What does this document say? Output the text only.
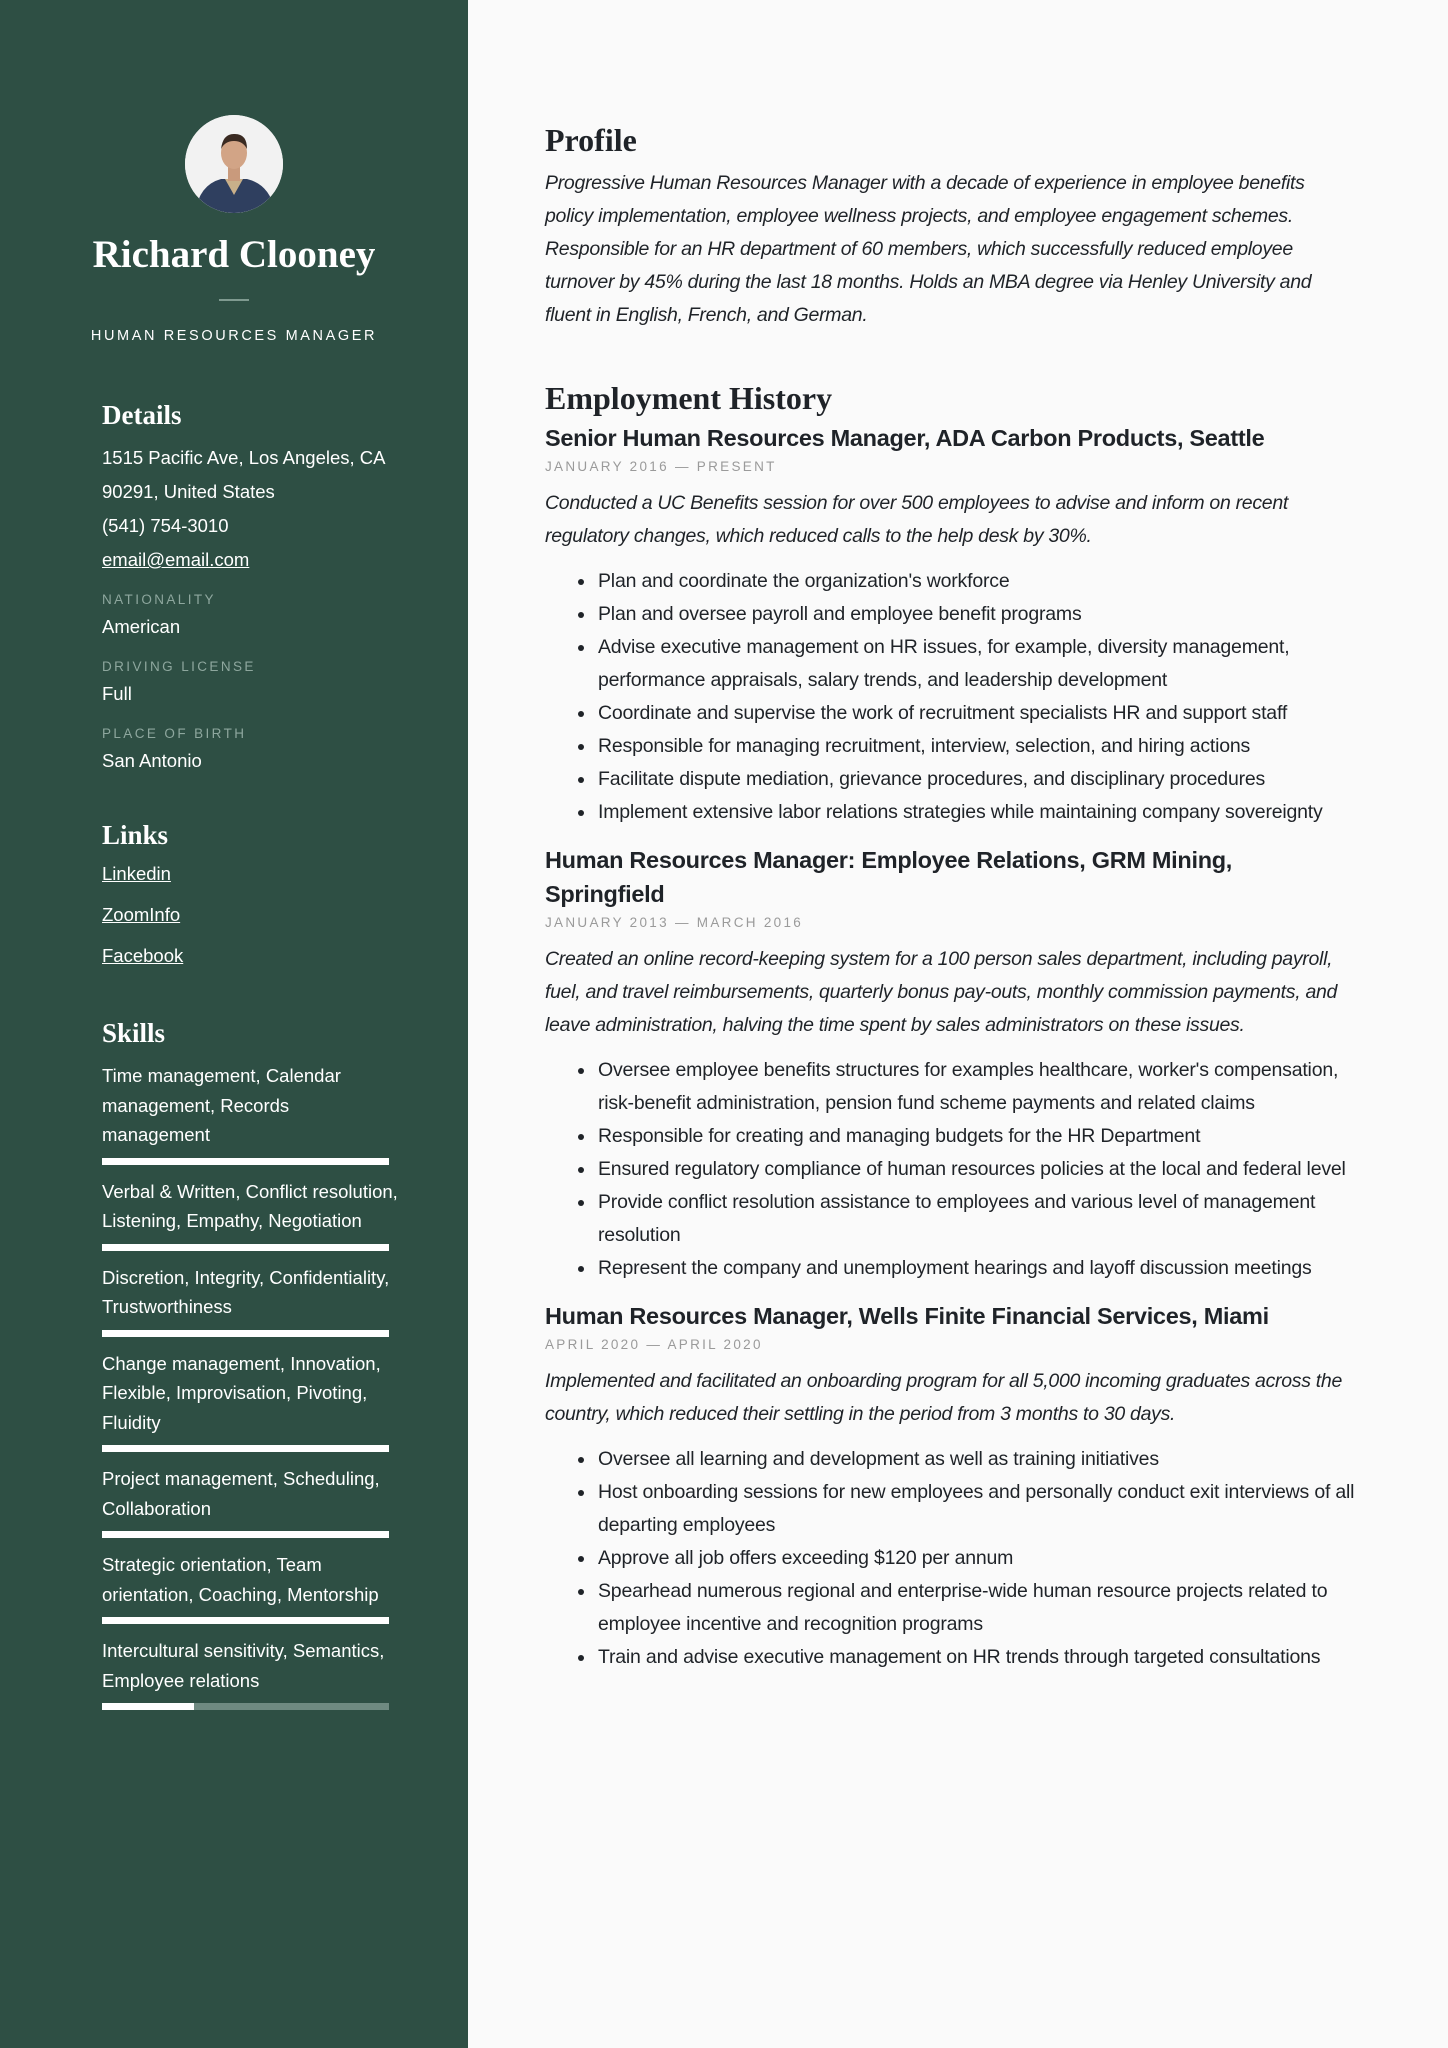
Richard Clooney
HUMAN RESOURCES MANAGER
Details
1515 Pacific Ave, Los Angeles, CA
90291, United States
(541) 754-3010
email@email.com
NATIONALITY
American
DRIVING LICENSE
Full
PLACE OF BIRTH
San Antonio
Links
Linkedin
ZoomInfo
Facebook
Skills
Time management, Calendar management, Records management
Verbal & Written, Conflict resolution, Listening, Empathy, Negotiation
Discretion, Integrity, Confidentiality, Trustworthiness
Change management, Innovation, Flexible, Improvisation, Pivoting, Fluidity
Project management, Scheduling, Collaboration
Strategic orientation, Team orientation, Coaching, Mentorship
Intercultural sensitivity, Semantics, Employee relations
Profile
Progressive Human Resources Manager with a decade of experience in employee benefits policy implementation, employee wellness projects, and employee engagement schemes. Responsible for an HR department of 60 members, which successfully reduced employee turnover by 45% during the last 18 months. Holds an MBA degree via Henley University and fluent in English, French, and German.
Employment History
Senior Human Resources Manager, ADA Carbon Products, Seattle
JANUARY 2016 — PRESENT
Conducted a UC Benefits session for over 500 employees to advise and inform on recent regulatory changes, which reduced calls to the help desk by 30%.
Plan and coordinate the organization's workforce
Plan and oversee payroll and employee benefit programs
Advise executive management on HR issues, for example, diversity management, performance appraisals, salary trends, and leadership development
Coordinate and supervise the work of recruitment specialists HR and support staff
Responsible for managing recruitment, interview, selection, and hiring actions
Facilitate dispute mediation, grievance procedures, and disciplinary procedures
Implement extensive labor relations strategies while maintaining company sovereignty
Human Resources Manager: Employee Relations, GRM Mining, Springfield
JANUARY 2013 — MARCH 2016
Created an online record-keeping system for a 100 person sales department, including payroll, fuel, and travel reimbursements, quarterly bonus pay-outs, monthly commission payments, and leave administration, halving the time spent by sales administrators on these issues.
Oversee employee benefits structures for examples healthcare, worker's compensation, risk-benefit administration, pension fund scheme payments and related claims
Responsible for creating and managing budgets for the HR Department
Ensured regulatory compliance of human resources policies at the local and federal level
Provide conflict resolution assistance to employees and various level of management resolution
Represent the company and unemployment hearings and layoff discussion meetings
Human Resources Manager, Wells Finite Financial Services, Miami
APRIL 2020 — APRIL 2020
Implemented and facilitated an onboarding program for all 5,000 incoming graduates across the country, which reduced their settling in the period from 3 months to 30 days.
Oversee all learning and development as well as training initiatives
Host onboarding sessions for new employees and personally conduct exit interviews of all departing employees
Approve all job offers exceeding $120 per annum
Spearhead numerous regional and enterprise-wide human resource projects related to employee incentive and recognition programs
Train and advise executive management on HR trends through targeted consultations
